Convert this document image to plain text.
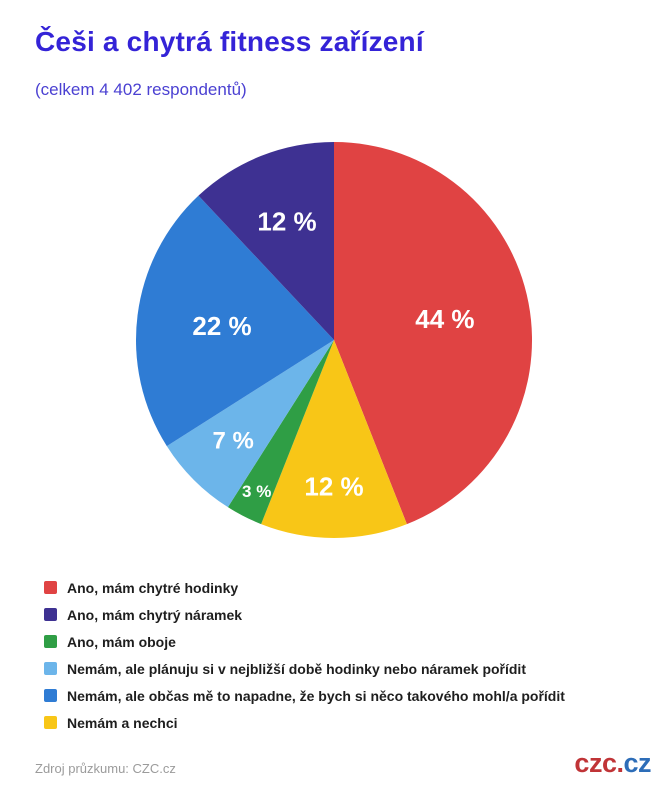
Češi a chytrá fitness zařízení
(celkem 4 402 respondentů)
44 %
12 %
3 %
7 %
22 %
12 %
Ano, mám chytré hodinky
Ano, mám chytrý náramek
Ano, mám oboje
Nemám, ale plánuju si v nejbližší době hodinky nebo náramek pořídit
Nemám, ale občas mě to napadne, že bych si něco takového mohl/a pořídit
Nemám a nechci
Zdroj průzkumu: CZC.cz	czc.cz
